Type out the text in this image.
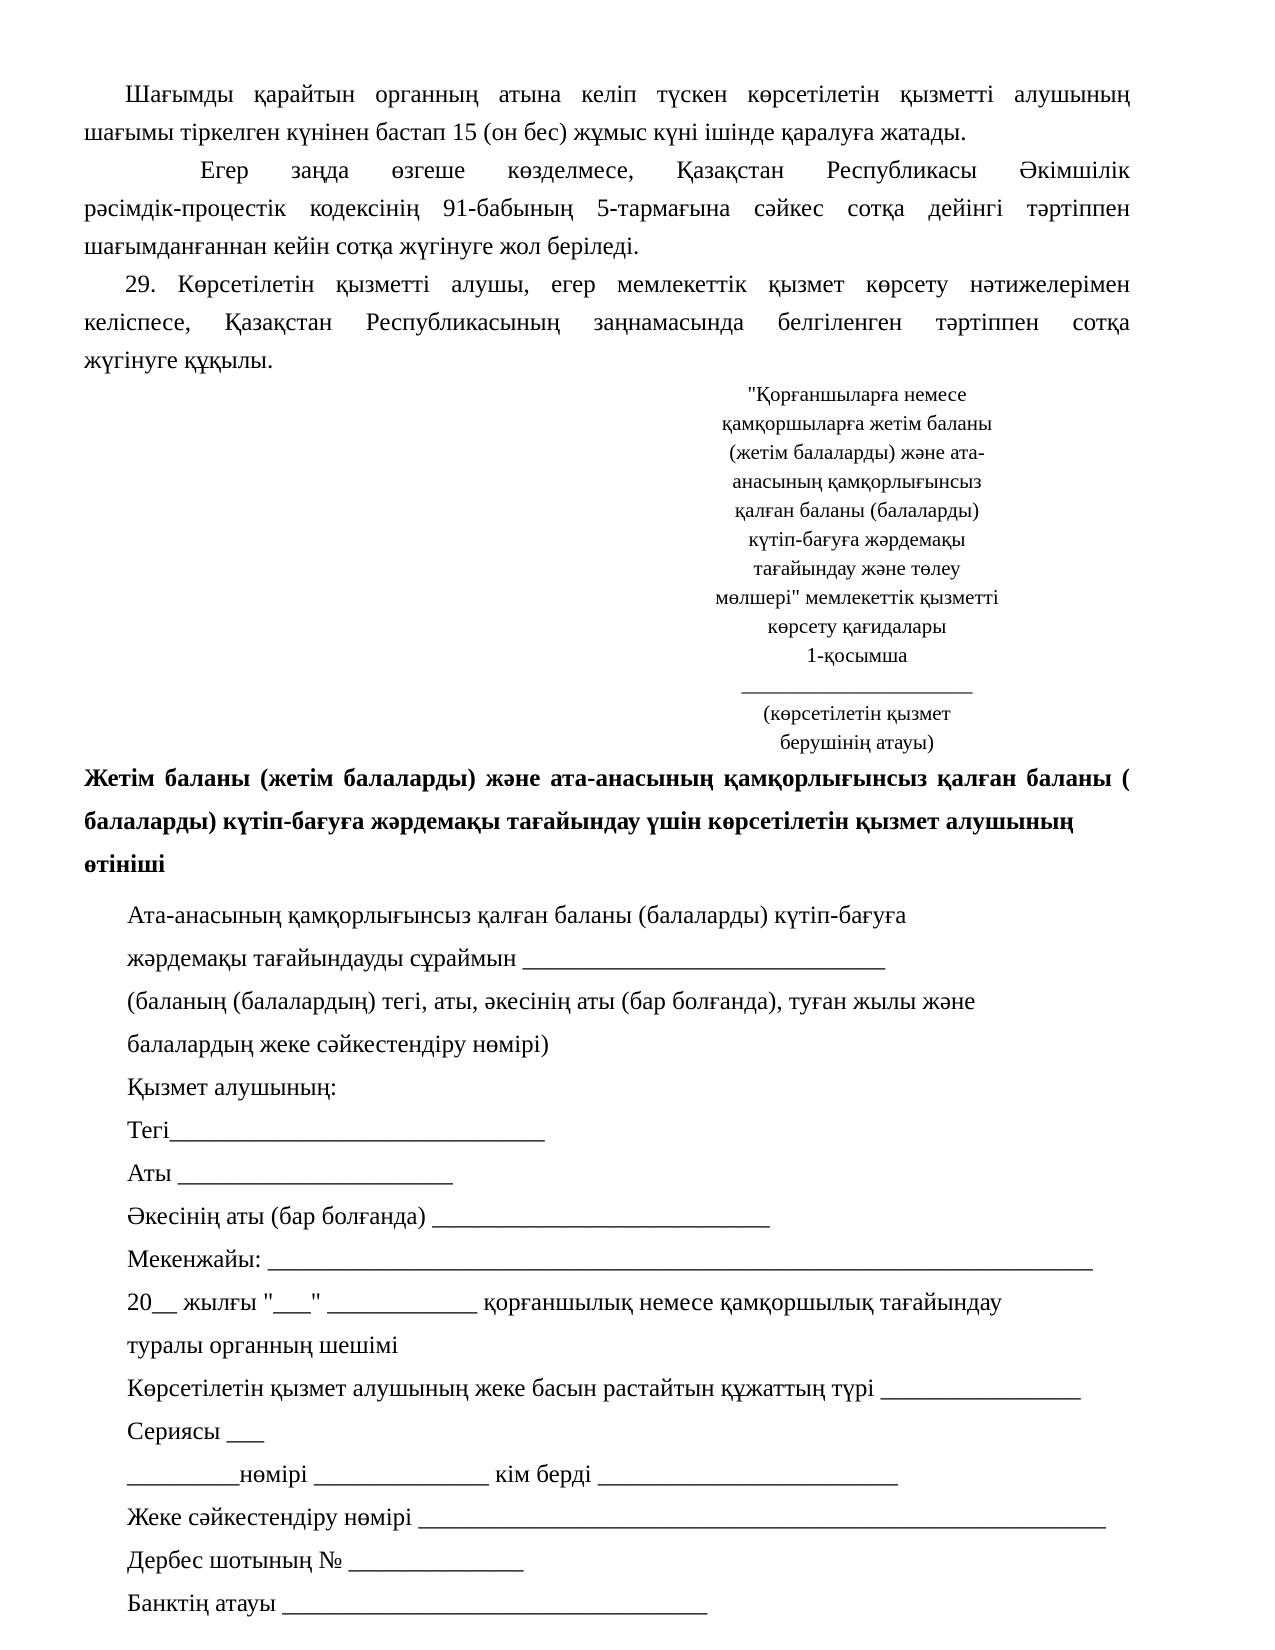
Шағымды қарайтын органның атына келіп түскен көрсетілетін қызметті алушының
шағымы тіркелген күнінен бастап 15 (он бес) жұмыс күні ішінде қаралуға жатады.
Егер заңда өзгеше көзделмесе, Қазақстан Республикасы Әкімшілік
рәсімдік-процестік кодексінің 91-бабының 5-тармағына сәйкес сотқа дейінгі тәртіппен
шағымданғаннан кейін сотқа жүгінуге жол беріледі.
29. Көрсетілетін қызметті алушы, егер мемлекеттік қызмет көрсету нәтижелерімен
келіспесе, Қазақстан Республикасының заңнамасында белгіленген тәртіппен сотқа
жүгінуге құқылы.
"Қорғаншыларға немесе
қамқоршыларға жетім баланы
(жетім балаларды) және ата-
анасының қамқорлығынсыз
қалған баланы (балаларды)
күтіп-бағуға жәрдемақы
тағайындау және төлеу
мөлшері" мемлекеттік қызметті
көрсету қағидалары
1-қосымша
______________________
(көрсетілетін қызмет
берушінің атауы)
Жетім баланы (жетім балаларды) және ата-анасының қамқорлығынсыз қалған баланы (
балаларды) күтіп-бағуға жәрдемақы тағайындау үшін көрсетілетін қызмет алушының
өтініші
Ата-анасының қамқорлығынсыз қалған баланы (балаларды) күтіп-бағуға
жәрдемақы тағайындауды сұраймын _____________________________
(баланың (балалардың) тегі, аты, әкесінің аты (бар болғанда), туған жылы және
балалардың жеке сәйкестендіру нөмірі)
Қызмет алушының:
Тегі______________________________
Аты ______________________
Әкесінің аты (бар болғанда) ___________________________
Мекенжайы: __________________________________________________________________
20__ жылғы "___" ____________ қорғаншылық немесе қамқоршылық тағайындау
туралы органның шешімі
Көрсетілетін қызмет алушының жеке басын растайтын құжаттың түрі ________________
Сериясы ___
_________нөмірі ______________ кім берді ________________________
Жеке сәйкестендіру нөмірі _______________________________________________________
Дербес шотының № ______________
Банктің атауы __________________________________
